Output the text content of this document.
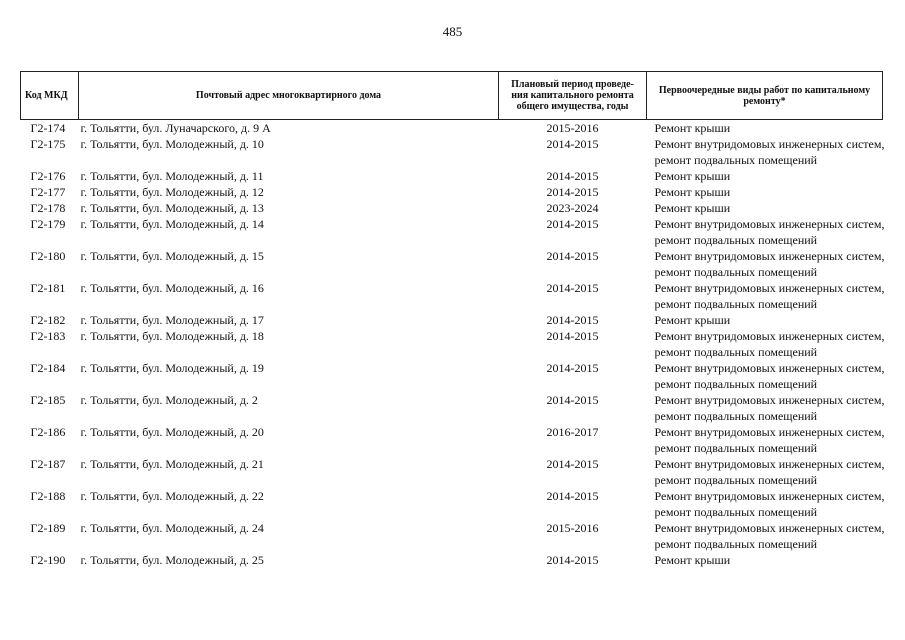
485
Код МКД	Почтовый адрес многоквартирного дома	Плановый период проведе-
ния капитального ремонта
общего имущества, годы	Первоочередные виды работ по капитальному
ремонту*
Г2-174	г. Тольятти, бул. Луначарского, д. 9 А	2015-2016	Ремонт крыши

Г2-175	г. Тольятти, бул. Молодежный, д. 10	2014-2015	Ремонт внутридомовых инженерных систем,
ремонт подвальных помещений

Г2-176	г. Тольятти, бул. Молодежный, д. 11	2014-2015	Ремонт крыши

Г2-177	г. Тольятти, бул. Молодежный, д. 12	2014-2015	Ремонт крыши

Г2-178	г. Тольятти, бул. Молодежный, д. 13	2023-2024	Ремонт крыши

Г2-179	г. Тольятти, бул. Молодежный, д. 14	2014-2015	Ремонт внутридомовых инженерных систем,
ремонт подвальных помещений

Г2-180	г. Тольятти, бул. Молодежный, д. 15	2014-2015	Ремонт внутридомовых инженерных систем,
ремонт подвальных помещений

Г2-181	г. Тольятти, бул. Молодежный, д. 16	2014-2015	Ремонт внутридомовых инженерных систем,
ремонт подвальных помещений

Г2-182	г. Тольятти, бул. Молодежный, д. 17	2014-2015	Ремонт крыши

Г2-183	г. Тольятти, бул. Молодежный, д. 18	2014-2015	Ремонт внутридомовых инженерных систем,
ремонт подвальных помещений

Г2-184	г. Тольятти, бул. Молодежный, д. 19	2014-2015	Ремонт внутридомовых инженерных систем,
ремонт подвальных помещений

Г2-185	г. Тольятти, бул. Молодежный, д. 2	2014-2015	Ремонт внутридомовых инженерных систем,
ремонт подвальных помещений

Г2-186	г. Тольятти, бул. Молодежный, д. 20	2016-2017	Ремонт внутридомовых инженерных систем,
ремонт подвальных помещений

Г2-187	г. Тольятти, бул. Молодежный, д. 21	2014-2015	Ремонт внутридомовых инженерных систем,
ремонт подвальных помещений

Г2-188	г. Тольятти, бул. Молодежный, д. 22	2014-2015	Ремонт внутридомовых инженерных систем,
ремонт подвальных помещений

Г2-189	г. Тольятти, бул. Молодежный, д. 24	2015-2016	Ремонт внутридомовых инженерных систем,
ремонт подвальных помещений

Г2-190	г. Тольятти, бул. Молодежный, д. 25	2014-2015	Ремонт крыши
